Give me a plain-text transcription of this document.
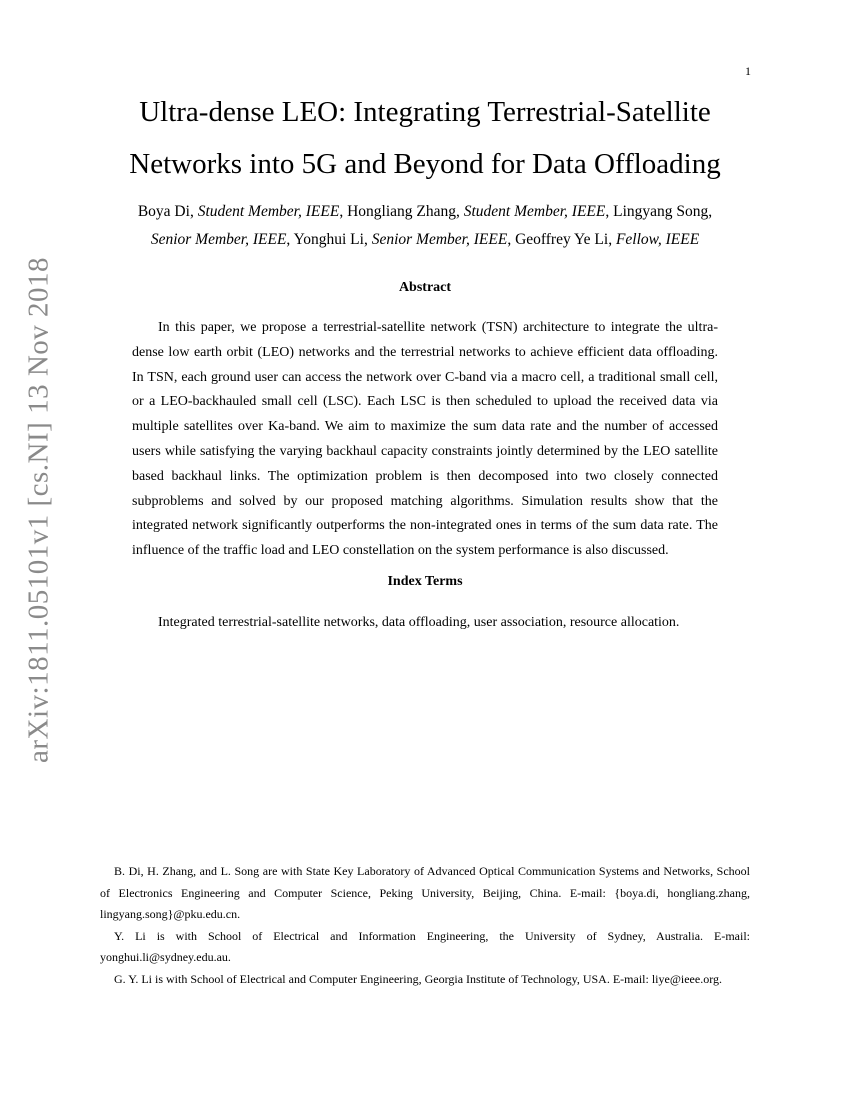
1
arXiv:1811.05101v1 [cs.NI] 13 Nov 2018
Ultra-dense LEO: Integrating Terrestrial-Satellite
Networks into 5G and Beyond for Data Offloading
Boya Di, Student Member, IEEE, Hongliang Zhang, Student Member, IEEE, Lingyang Song,
Senior Member, IEEE, Yonghui Li, Senior Member, IEEE, Geoffrey Ye Li, Fellow, IEEE
Abstract
In this paper, we propose a terrestrial-satellite network (TSN) architecture to integrate the ultra-dense low earth orbit (LEO) networks and the terrestrial networks to achieve efficient data offloading. In TSN, each ground user can access the network over C-band via a macro cell, a traditional small cell, or a LEO-backhauled small cell (LSC). Each LSC is then scheduled to upload the received data via multiple satellites over Ka-band. We aim to maximize the sum data rate and the number of accessed users while satisfying the varying backhaul capacity constraints jointly determined by the LEO satellite based backhaul links. The optimization problem is then decomposed into two closely connected subproblems and solved by our proposed matching algorithms. Simulation results show that the integrated network significantly outperforms the non-integrated ones in terms of the sum data rate. The influence of the traffic load and LEO constellation on the system performance is also discussed.
Index Terms
Integrated terrestrial-satellite networks, data offloading, user association, resource allocation.

B. Di, H. Zhang, and L. Song are with State Key Laboratory of Advanced Optical Communication Systems and Networks, School of Electronics Engineering and Computer Science, Peking University, Beijing, China. E-mail: {boya.di, hongliang.zhang, lingyang.song}@pku.edu.cn.

Y. Li is with School of Electrical and Information Engineering, the University of Sydney, Australia. E-mail: yonghui.li@sydney.edu.au.

G. Y. Li is with School of Electrical and Computer Engineering, Georgia Institute of Technology, USA. E-mail: liye@ieee.org.
